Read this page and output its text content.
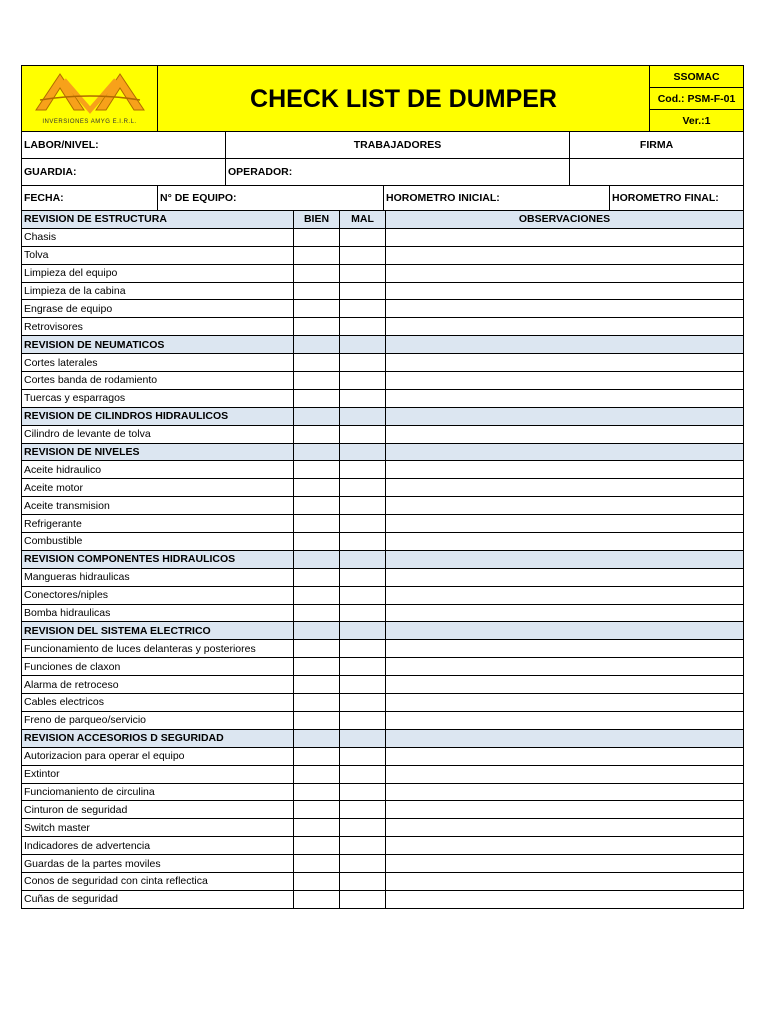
INVERSIONES AMYG E.I.R.L.
	CHECK LIST DE DUMPER	SSOMAC
Cod.: PSM-F-01
Ver.:1
LABOR/NIVEL:		TRABAJADORES		FIRMA	
GUARDIA:		OPERADOR:			
FECHA:	N° DE EQUIPO:		HOROMETRO INICIAL:		HOROMETRO FINAL:
REVISION DE ESTRUCTURA	BIEN	MAL	OBSERVACIONES
Chasis			
Tolva			
Limpieza del equipo			
Limpieza de la cabina			
Engrase de equipo			
Retrovisores			
REVISION DE NEUMATICOS			
Cortes laterales			
Cortes banda de rodamiento			
Tuercas y esparragos			
REVISION DE CILINDROS HIDRAULICOS			
Cilindro de levante de tolva			
REVISION DE NIVELES			
Aceite hidraulico			
Aceite motor			
Aceite transmision			
Refrigerante			
Combustible			
REVISION COMPONENTES HIDRAULICOS			
Mangueras hidraulicas			
Conectores/niples			
Bomba hidraulicas			
REVISION DEL SISTEMA ELECTRICO			
Funcionamiento de luces delanteras y posteriores			
Funciones de claxon			
Alarma de retroceso			
Cables electricos			
Freno de parqueo/servicio			
REVISION ACCESORIOS D SEGURIDAD			
Autorizacion para operar el equipo			
Extintor			
Funciomaniento de circulina			
Cinturon de seguridad			
Switch master			
Indicadores de advertencia			
Guardas de la partes moviles			
Conos de seguridad con cinta reflectica			
Cuñas de seguridad			
